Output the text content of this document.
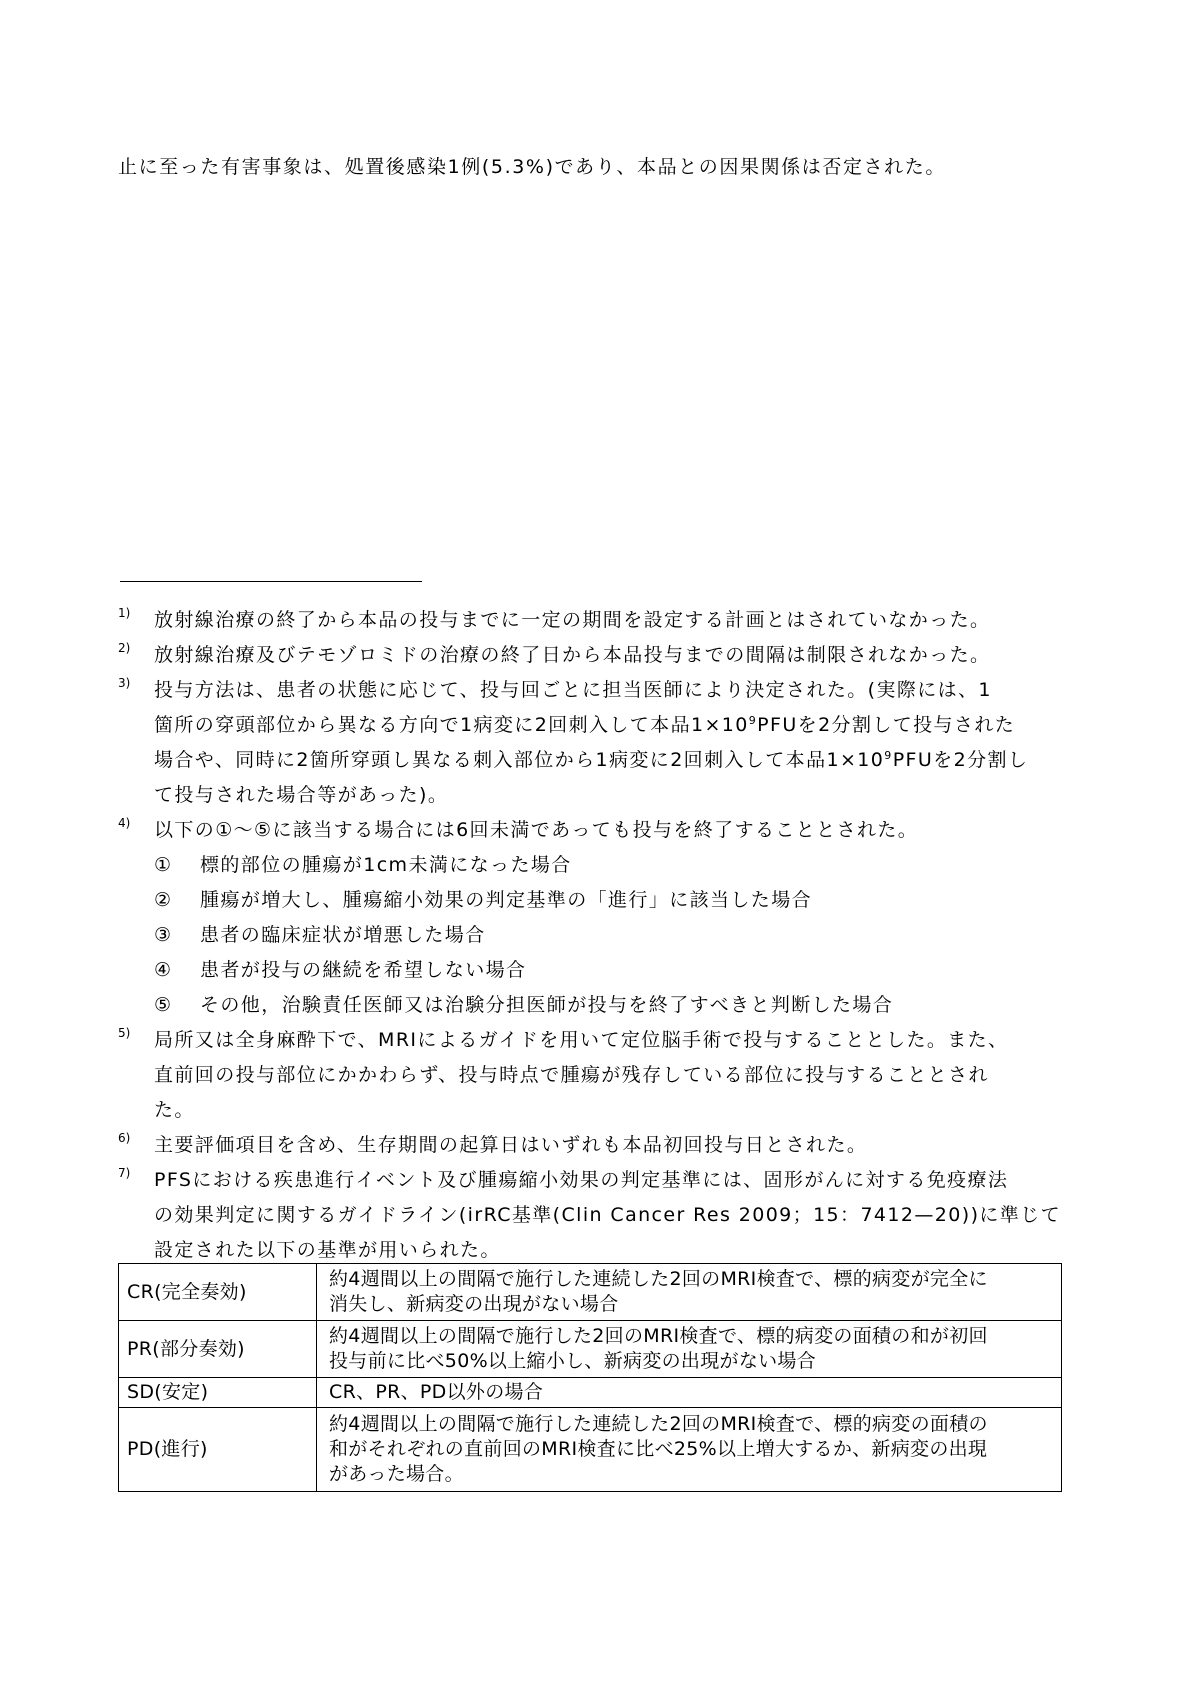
止に至った有害事象は、処置後感染1例(5.3%)であり、本品との因果関係は否定された。
1) 放射線治療の終了から本品の投与までに一定の期間を設定する計画とはされていなかった。
2) 放射線治療及びテモゾロミドの治療の終了日から本品投与までの間隔は制限されなかった。
3) 投与方法は、患者の状態に応じて、投与回ごとに担当医師により決定された。(実際には、1
箇所の穿頭部位から異なる方向で1病変に2回刺入して本品$1\times 10^9PFU$を2分割して投与された
場合や、同時に2箇所穿頭し異なる刺入部位から1病変に2回刺入して本品$1\times 10^9PFU$を2分割し
て投与された場合等があった)。
4) 以下の①～⑤に該当する場合には6回未満であっても投与を終了することとされた。
① 標的部位の腫瘍が1cm未満になった場合
② 腫瘍が増大し、腫瘍縮小効果の判定基準の「進行」に該当した場合
③ 患者の臨床症状が増悪した場合
④ 患者が投与の継続を希望しない場合
⑤ その他，治験責任医師又は治験分担医師が投与を終了すべきと判断した場合
5) 局所又は全身麻酔下で、MRIによるガイドを用いて定位脳手術で投与することとした。また、
直前回の投与部位にかかわらず、投与時点で腫瘍が残存している部位に投与することとされ
た。
6) 主要評価項目を含め、生存期間の起算日はいずれも本品初回投与日とされた。
7) PFSにおける疾患進行イベント及び腫瘍縮小効果の判定基準には、固形がんに対する免疫療法
の効果判定に関するガイドライン(irRC基準(Clin Cancer Res 2009；15：7412—20))に準じて
設定された以下の基準が用いられた。
CR(完全奏効)	約4週間以上の間隔で施行した連続した2回のMRI検査で、標的病変が完全に
消失し、新病変の出現がない場合

PR(部分奏効)	約4週間以上の間隔で施行した2回のMRI検査で、標的病変の面積の和が初回
投与前に比べ50%以上縮小し、新病変の出現がない場合

SD(安定)	CR、PR、PD以外の場合

PD(進行)	約4週間以上の間隔で施行した連続した2回のMRI検査で、標的病変の面積の
和がそれぞれの直前回のMRI検査に比べ25%以上増大するか、新病変の出現
があった場合。
